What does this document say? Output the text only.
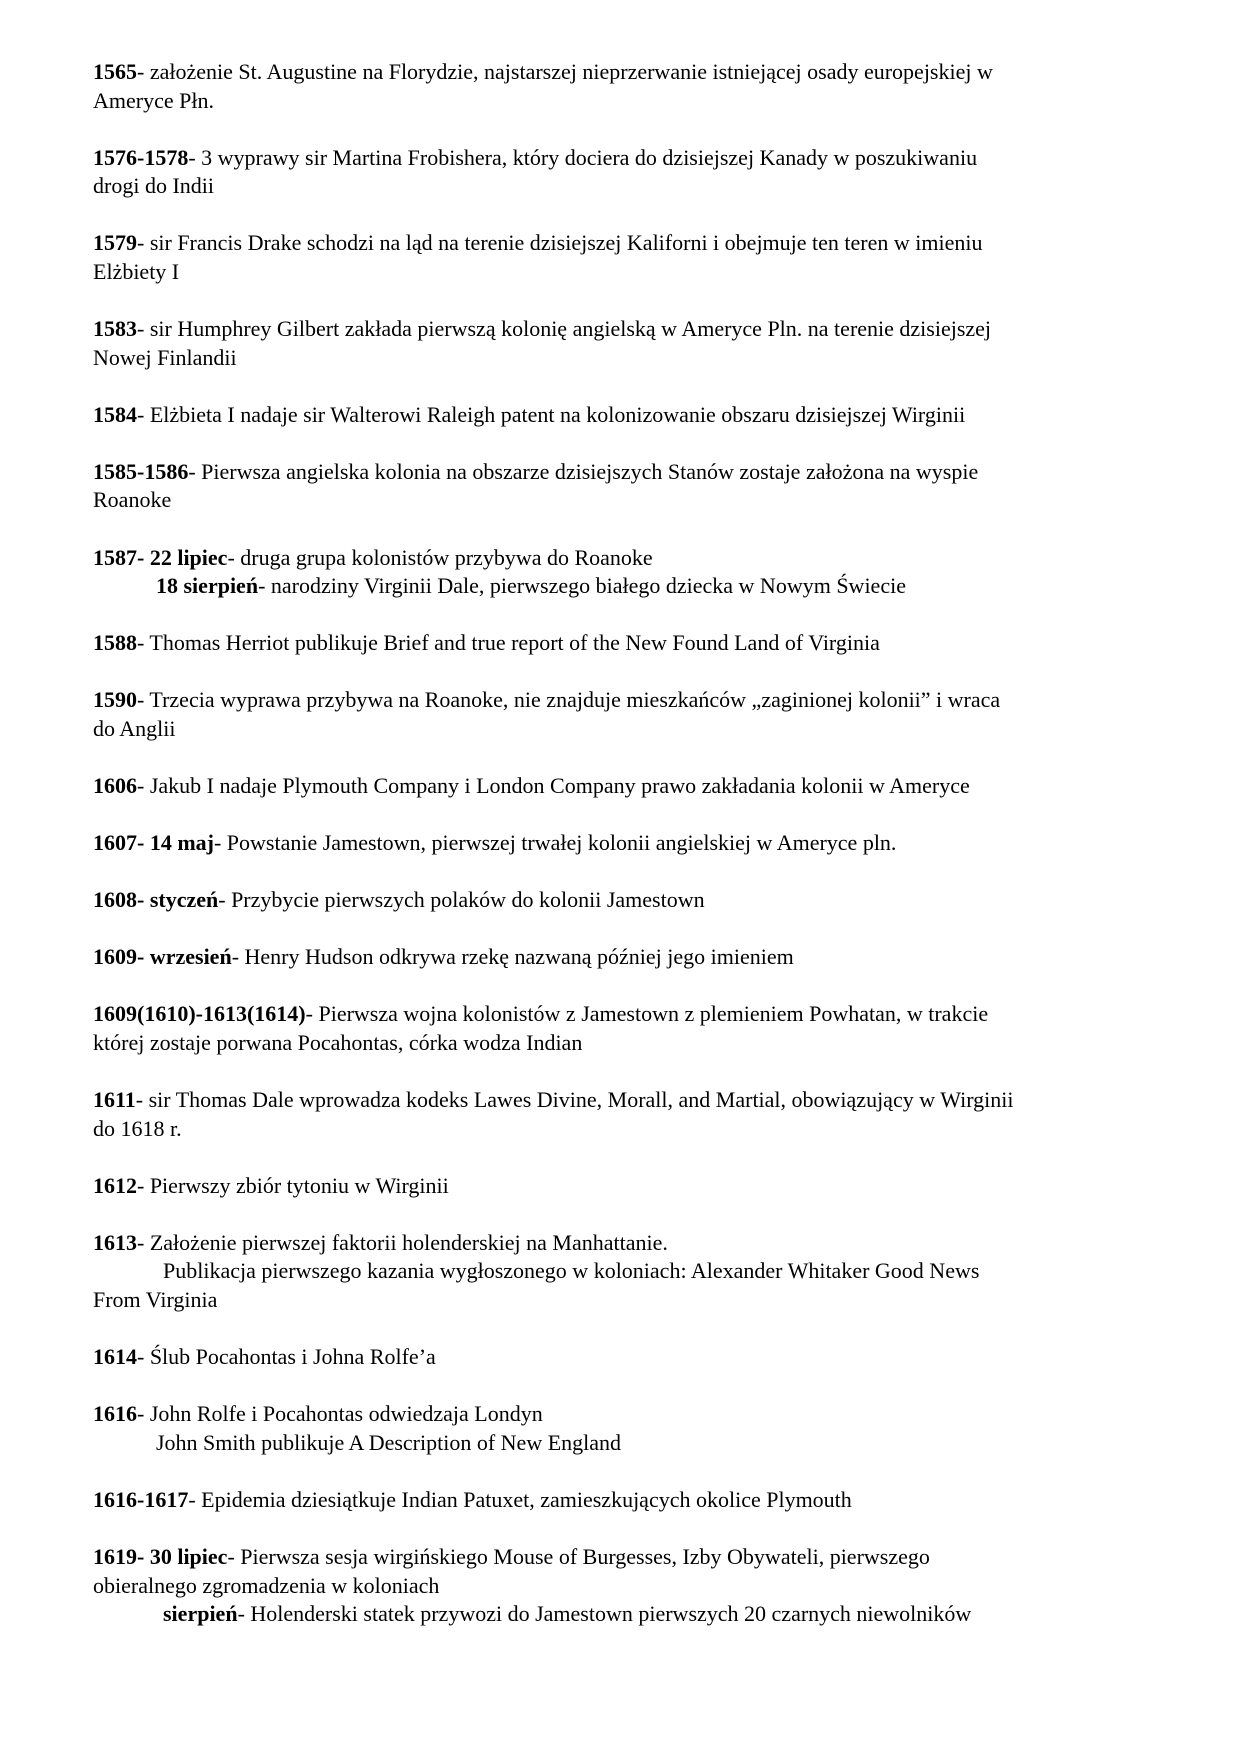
1565- założenie St. Augustine na Florydzie, najstarszej nieprzerwanie istniejącej osady europejskiej w
Ameryce Płn.
1576-1578- 3 wyprawy sir Martina Frobishera, który dociera do dzisiejszej Kanady w poszukiwaniu
drogi do Indii
1579- sir Francis Drake schodzi na ląd na terenie dzisiejszej Kaliforni i obejmuje ten teren w imieniu
Elżbiety I
1583- sir Humphrey Gilbert zakłada pierwszą kolonię angielską w Ameryce Pln. na terenie dzisiejszej
Nowej Finlandii
1584- Elżbieta I nadaje sir Walterowi Raleigh patent na kolonizowanie obszaru dzisiejszej Wirginii
1585-1586- Pierwsza angielska kolonia na obszarze dzisiejszych Stanów zostaje założona na wyspie
Roanoke
1587- 22 lipiec- druga grupa kolonistów przybywa do Roanoke
18 sierpień- narodziny Virginii Dale, pierwszego białego dziecka w Nowym Świecie
1588- Thomas Herriot publikuje Brief and true report of the New Found Land of Virginia
1590- Trzecia wyprawa przybywa na Roanoke, nie znajduje mieszkańców „zaginionej kolonii” i wraca
do Anglii
1606- Jakub I nadaje Plymouth Company i London Company prawo zakładania kolonii w Ameryce
1607- 14 maj- Powstanie Jamestown, pierwszej trwałej kolonii angielskiej w Ameryce pln.
1608- styczeń- Przybycie pierwszych polaków do kolonii Jamestown
1609- wrzesień- Henry Hudson odkrywa rzekę nazwaną później jego imieniem
1609(1610)-1613(1614)- Pierwsza wojna kolonistów z Jamestown z plemieniem Powhatan, w trakcie
której zostaje porwana Pocahontas, córka wodza Indian
1611- sir Thomas Dale wprowadza kodeks Lawes Divine, Morall, and Martial, obowiązujący w Wirginii
do 1618 r.
1612- Pierwszy zbiór tytoniu w Wirginii
1613- Założenie pierwszej faktorii holenderskiej na Manhattanie.
Publikacja pierwszego kazania wygłoszonego w koloniach: Alexander Whitaker Good News
From Virginia
1614- Ślub Pocahontas i Johna Rolfe’a
1616- John Rolfe i Pocahontas odwiedzaja Londyn
John Smith publikuje A Description of New England
1616-1617- Epidemia dziesiątkuje Indian Patuxet, zamieszkujących okolice Plymouth
1619- 30 lipiec- Pierwsza sesja wirgińskiego Mouse of Burgesses, Izby Obywateli, pierwszego
obieralnego zgromadzenia w koloniach
sierpień- Holenderski statek przywozi do Jamestown pierwszych 20 czarnych niewolników
